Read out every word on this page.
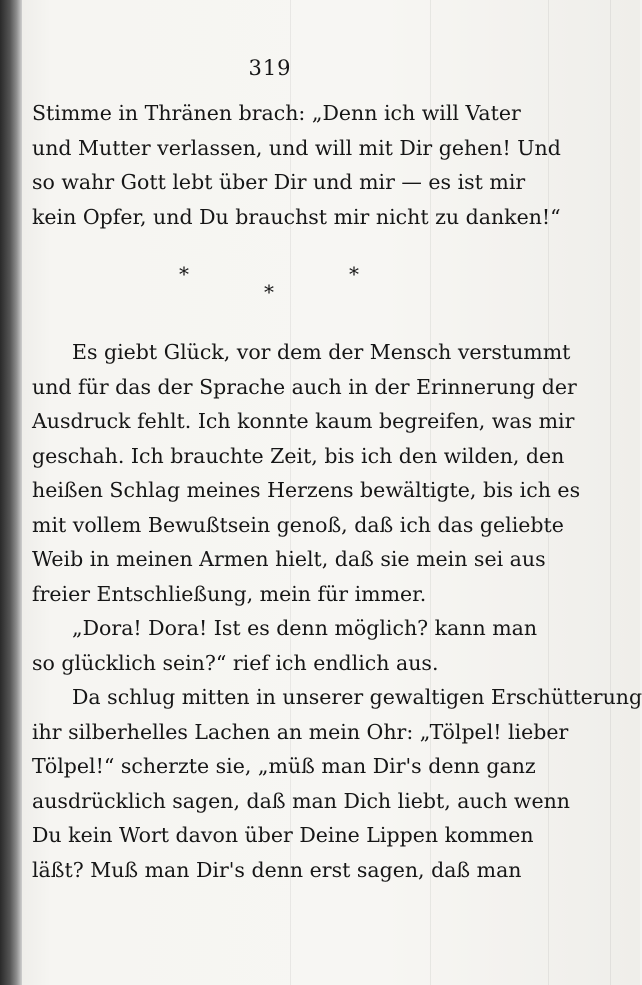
319
Stimme in Thränen brach: „Denn ich will Vater
und Mutter verlassen, und will mit Dir gehen! Und
so wahr Gott lebt über Dir und mir — es ist mir
kein Opfer, und Du brauchst mir nicht zu danken!“
*
*
*
Es giebt Glück, vor dem der Mensch verstummt
und für das der Sprache auch in der Erinnerung der
Ausdruck fehlt. Ich konnte kaum begreifen, was mir
geschah. Ich brauchte Zeit, bis ich den wilden, den
heißen Schlag meines Herzens bewältigte, bis ich es
mit vollem Bewußtsein genoß, daß ich das geliebte
Weib in meinen Armen hielt, daß sie mein sei aus
freier Entschließung, mein für immer.
„Dora! Dora! Ist es denn möglich? kann man
so glücklich sein?“ rief ich endlich aus.
Da schlug mitten in unserer gewaltigen Erschütterung
ihr silberhelles Lachen an mein Ohr: „Tölpel! lieber
Tölpel!“ scherzte sie, „müß man Dir's denn ganz
ausdrücklich sagen, daß man Dich liebt, auch wenn
Du kein Wort davon über Deine Lippen kommen
läßt? Muß man Dir's denn erst sagen, daß man
